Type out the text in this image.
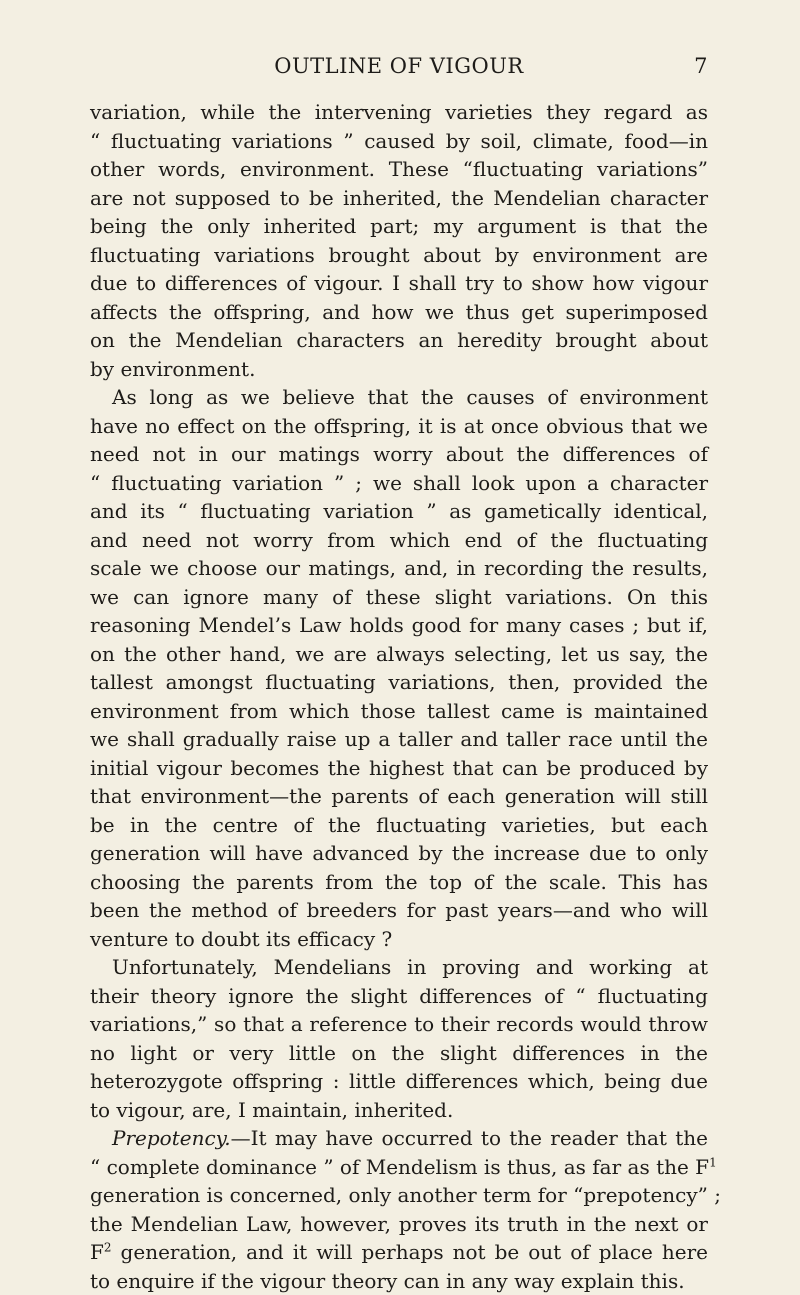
OUTLINE OF VIGOUR	7
variation, while the intervening varieties they regard as
“ fluctuating variations ” caused by soil, climate, food—in
other words, environment. These “fluctuating variations”
are not supposed to be inherited, the Mendelian character
being the only inherited part; my argument is that the
fluctuating variations brought about by environment are
due to differences of vigour. I shall try to show how vigour
affects the offspring, and how we thus get superimposed
on the Mendelian characters an heredity brought about
by environment.
As long as we believe that the causes of environment
have no effect on the offspring, it is at once obvious that we
need not in our matings worry about the differences of
“ fluctuating variation ” ; we shall look upon a character
and its “ fluctuating variation ” as gametically identical,
and need not worry from which end of the fluctuating
scale we choose our matings, and, in recording the results,
we can ignore many of these slight variations. On this
reasoning Mendel’s Law holds good for many cases ; but if,
on the other hand, we are always selecting, let us say, the
tallest amongst fluctuating variations, then, provided the
environment from which those tallest came is maintained
we shall gradually raise up a taller and taller race until the
initial vigour becomes the highest that can be produced by
that environment—the parents of each generation will still
be in the centre of the fluctuating varieties, but each
generation will have advanced by the increase due to only
choosing the parents from the top of the scale. This has
been the method of breeders for past years—and who will
venture to doubt its efficacy ?
Unfortunately, Mendelians in proving and working at
their theory ignore the slight differences of “ fluctuating
variations,” so that a reference to their records would throw
no light or very little on the slight differences in the
heterozygote offspring : little differences which, being due
to vigour, are, I maintain, inherited.
Prepotency.—It may have occurred to the reader that the
“ complete dominance ” of Mendelism is thus, as far as the $F^1$
generation is concerned, only another term for “prepotency” ;
the Mendelian Law, however, proves its truth in the next or
$F^2$ generation, and it will perhaps not be out of place here
to enquire if the vigour theory can in any way explain this.
